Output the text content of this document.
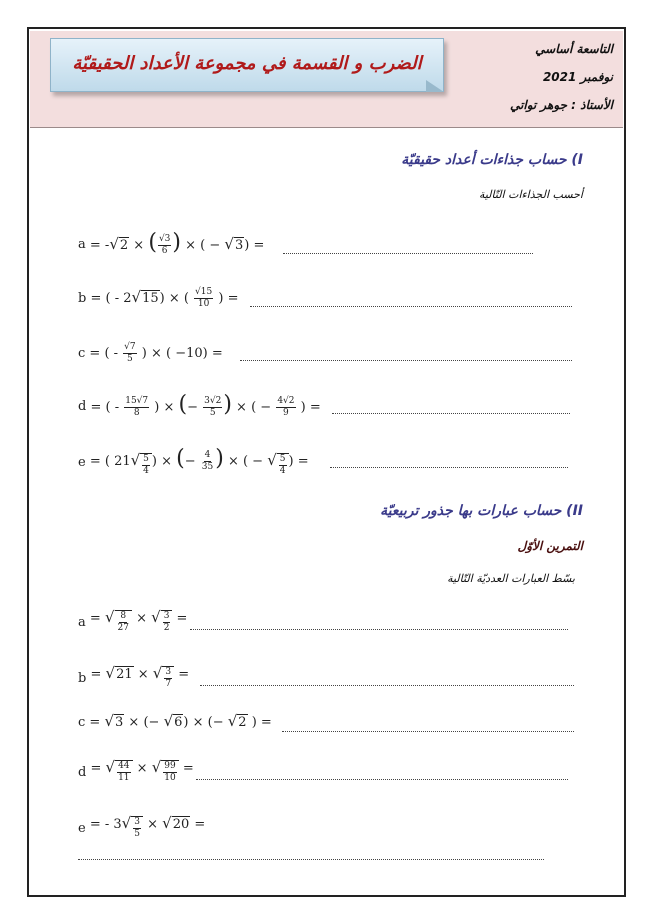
الضرب و القسمة في مجموعة الأعداد الحقيقيّة
التاسعة أساسي
نوفمبر 2021
الأستاذ : جوهر تواتي
I) حساب جذاءات أعداد حقيقيّة
أحسب الجذاءات التّالية
a = - √ 2 × ( $\frac{√3}{6}$ ) × ( − √ 3 ) =
b = ( - 2 √ 15 ) × ( $\frac{√15}{10}$ ) =
c = ( - $\frac{√7}{5}$ ) × ( −10) =
d = ( - $\frac{15√7}{8}$ ) × (− $\frac{3√2}{5}$ ) × ( − $\frac{4√2}{9}$ ) =
e = ( 21 √ $\frac{5}{4}$ ) × (− $\frac{4}{35}$ ) × ( − √ $\frac{5}{4}$ ) =
II) حساب عبارات بها جذور تربيعيّة
التمرين الأوّل
بسّط العبارات العدديّة التّالية
a = √ $\frac{8}{27}$ × √ $\frac{3}{2}$ =
b = √ 21 × √ $\frac{3}{7}$ =
c = √ 3 × (− √ 6 ) × (− √ 2 ) =
d = √ $\frac{44}{11}$ × √ $\frac{99}{10}$ =
e = - 3 √ $\frac{3}{5}$ × √ 20 =
